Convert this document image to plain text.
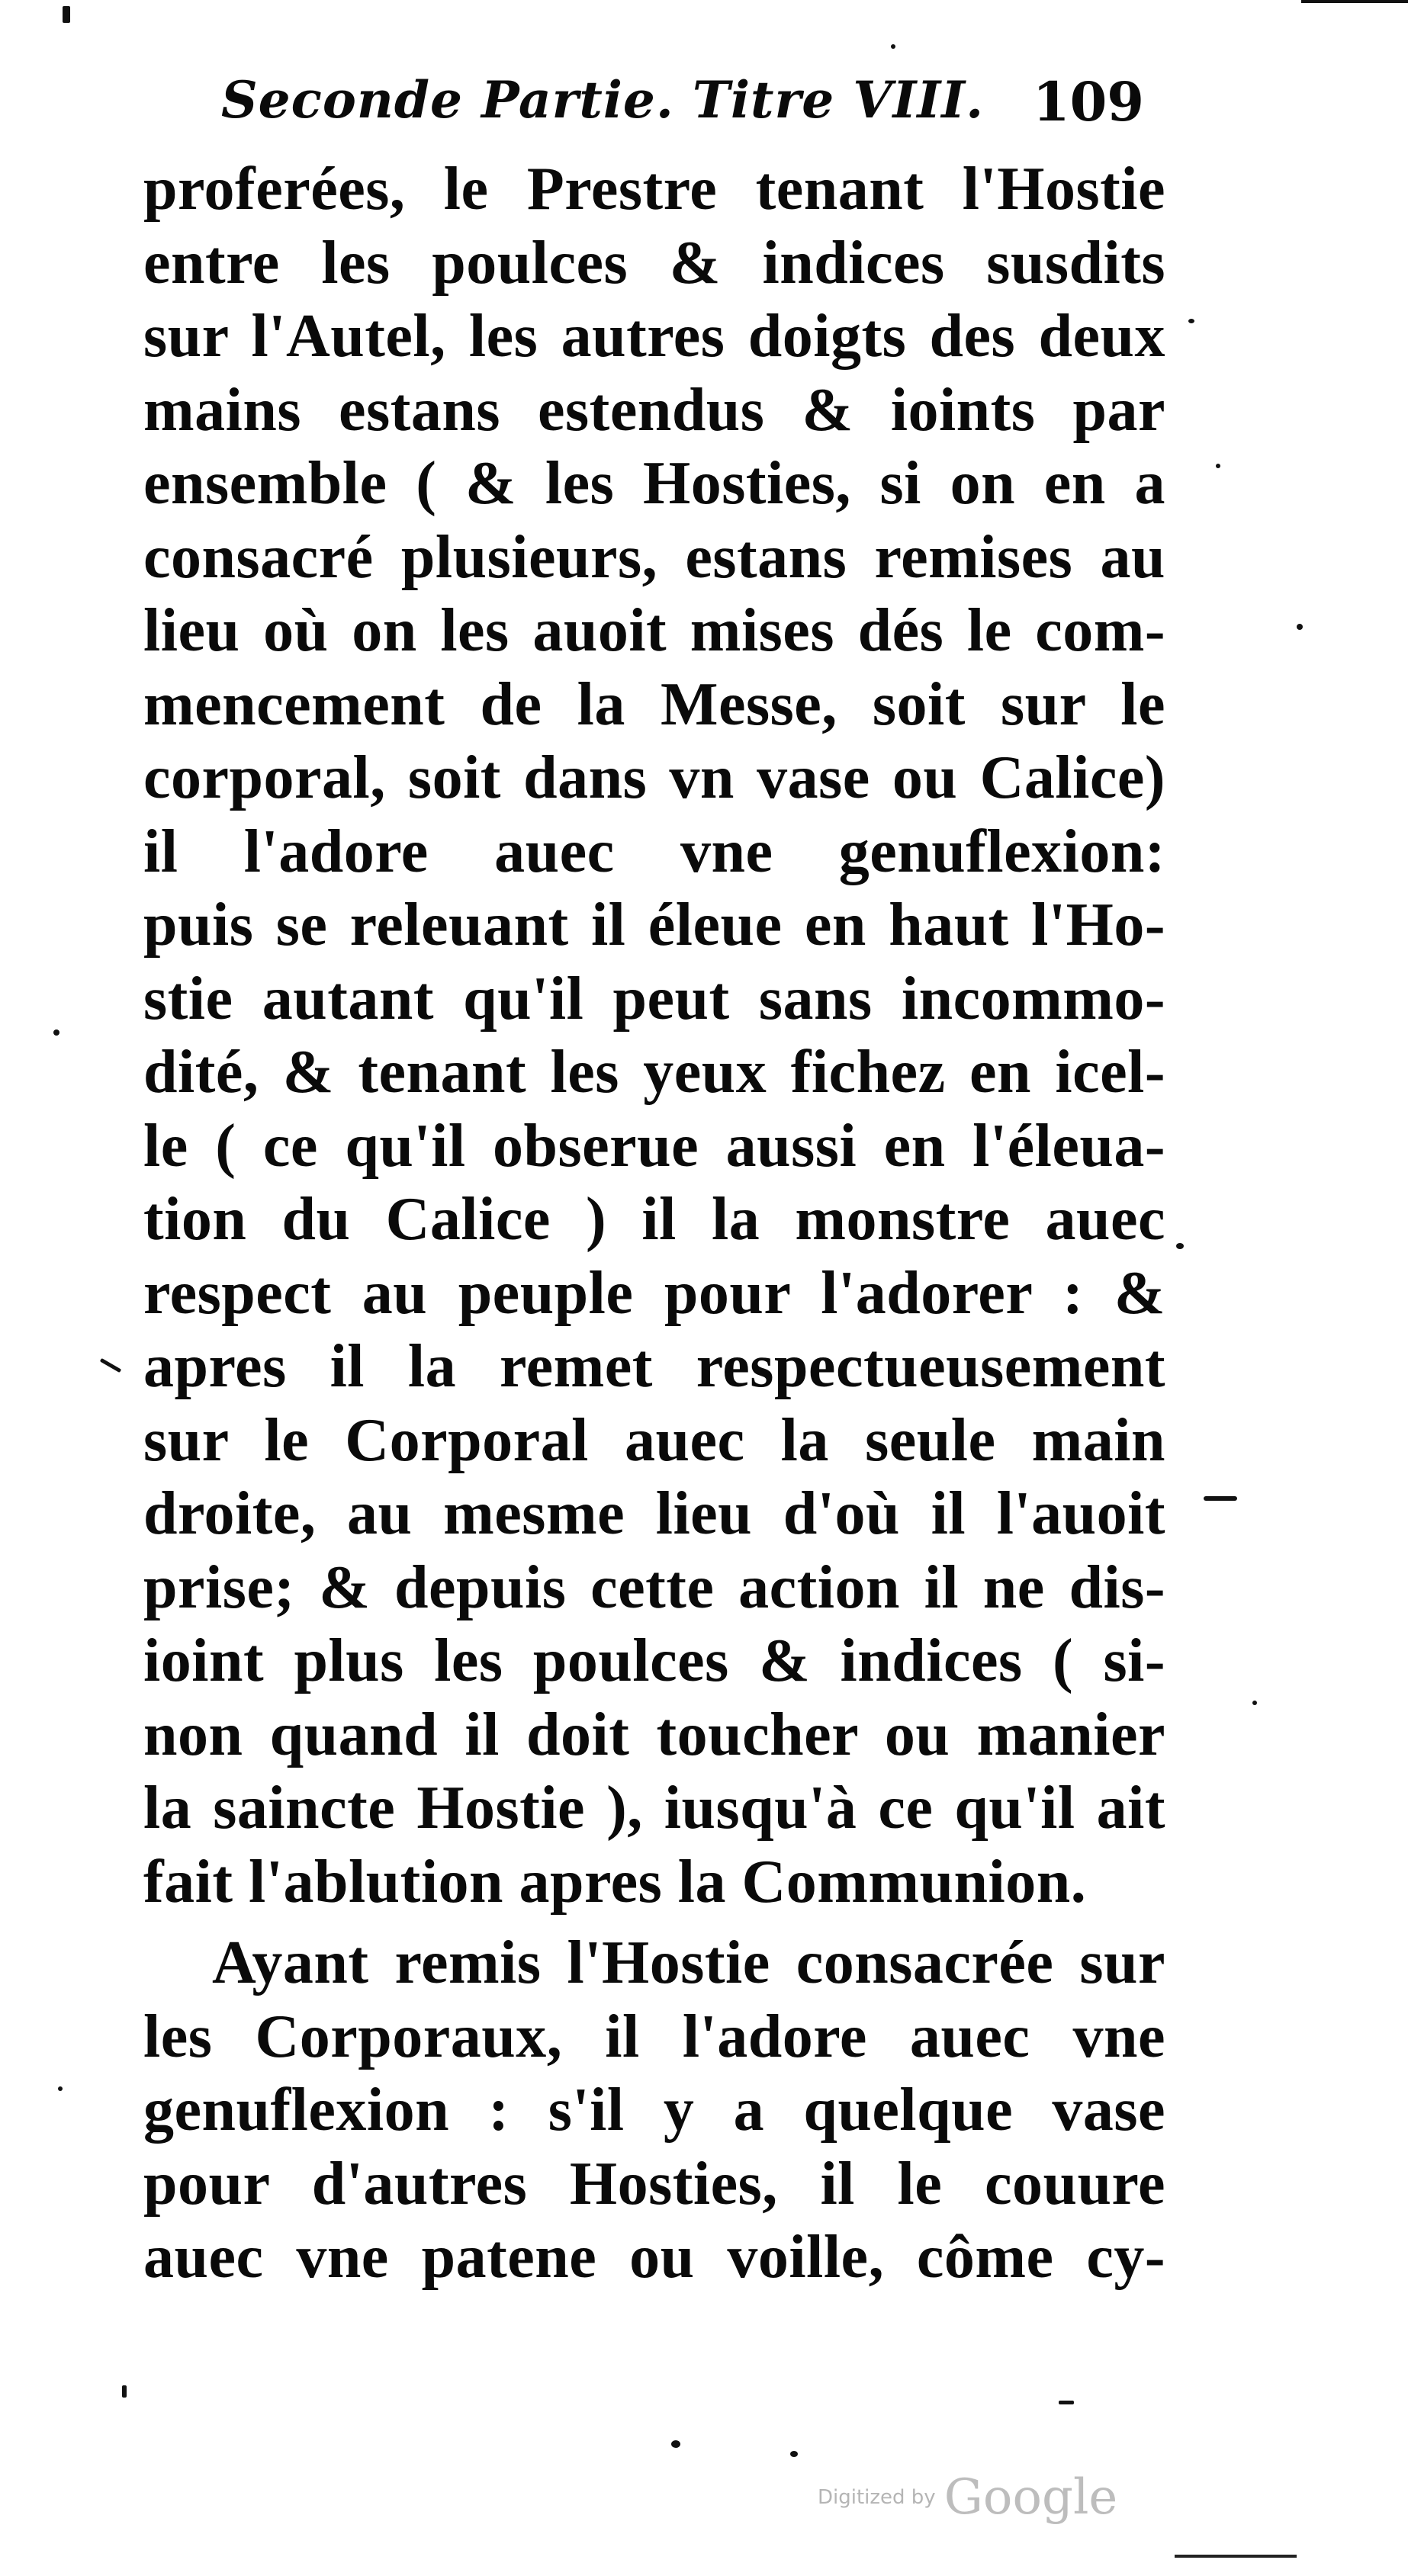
Seconde Partie. Titre VIII. 109
proferées, le Prestre tenant l'Hostie
entre les poulces & indices susdits
sur l'Autel, les autres doigts des deux
mains estans estendus & ioints par
ensemble ( & les Hosties, si on en a
consacré plusieurs, estans remises au
lieu où on les auoit mises dés le com-
mencement de la Messe, soit sur le
corporal, soit dans vn vase ou Calice)
il l'adore auec vne genuflexion:
puis se releuant il éleue en haut l'Ho-
stie autant qu'il peut sans incommo-
dité, & tenant les yeux fichez en icel-
le ( ce qu'il obserue aussi en l'éleua-
tion du Calice ) il la monstre auec
respect au peuple pour l'adorer : &
apres il la remet respectueusement
sur le Corporal auec la seule main
droite, au mesme lieu d'où il l'auoit
prise; & depuis cette action il ne dis-
ioint plus les poulces & indices ( si-
non quand il doit toucher ou manier
la saincte Hostie ), iusqu'à ce qu'il ait
fait l'ablution apres la Communion.
Ayant remis l'Hostie consacrée sur
les Corporaux, il l'adore auec vne
genuflexion : s'il y a quelque vase
pour d'autres Hosties, il le couure
auec vne patene ou voille, côme cy-
Digitized by Google
